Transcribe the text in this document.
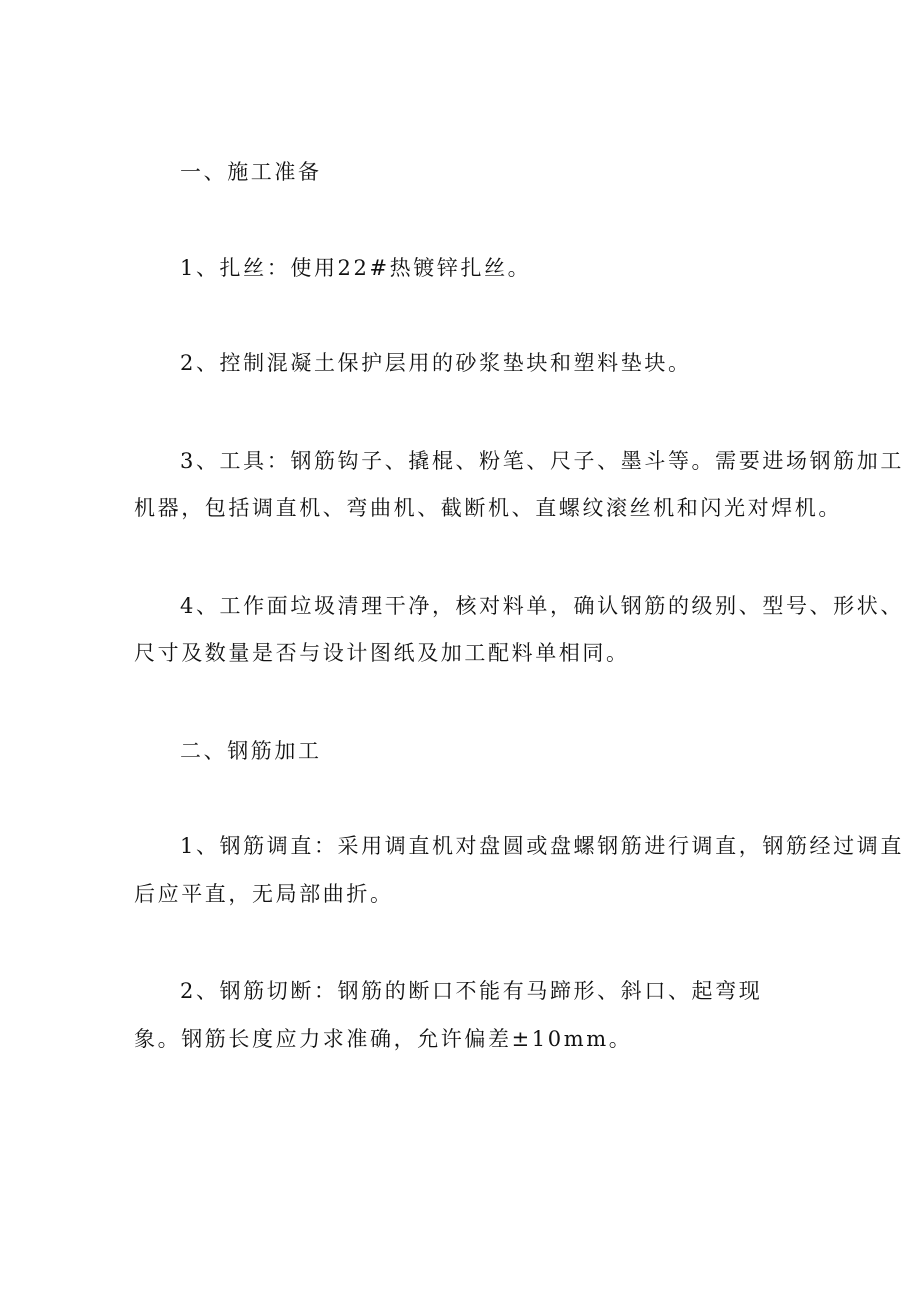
一、施工准备
1、扎丝：使用22#热镀锌扎丝。
2、控制混凝土保护层用的砂浆垫块和塑料垫块。
3、工具：钢筋钩子、撬棍、粉笔、尺子、墨斗等。需要进场钢筋加工
机器，包括调直机、弯曲机、截断机、直螺纹滚丝机和闪光对焊机。
4、工作面垃圾清理干净，核对料单，确认钢筋的级别、型号、形状、
尺寸及数量是否与设计图纸及加工配料单相同。
二、钢筋加工
1、钢筋调直：采用调直机对盘圆或盘螺钢筋进行调直，钢筋经过调直
后应平直，无局部曲折。
2、钢筋切断：钢筋的断口不能有马蹄形、斜口、起弯现
象。钢筋长度应力求准确，允许偏差±10mm。
